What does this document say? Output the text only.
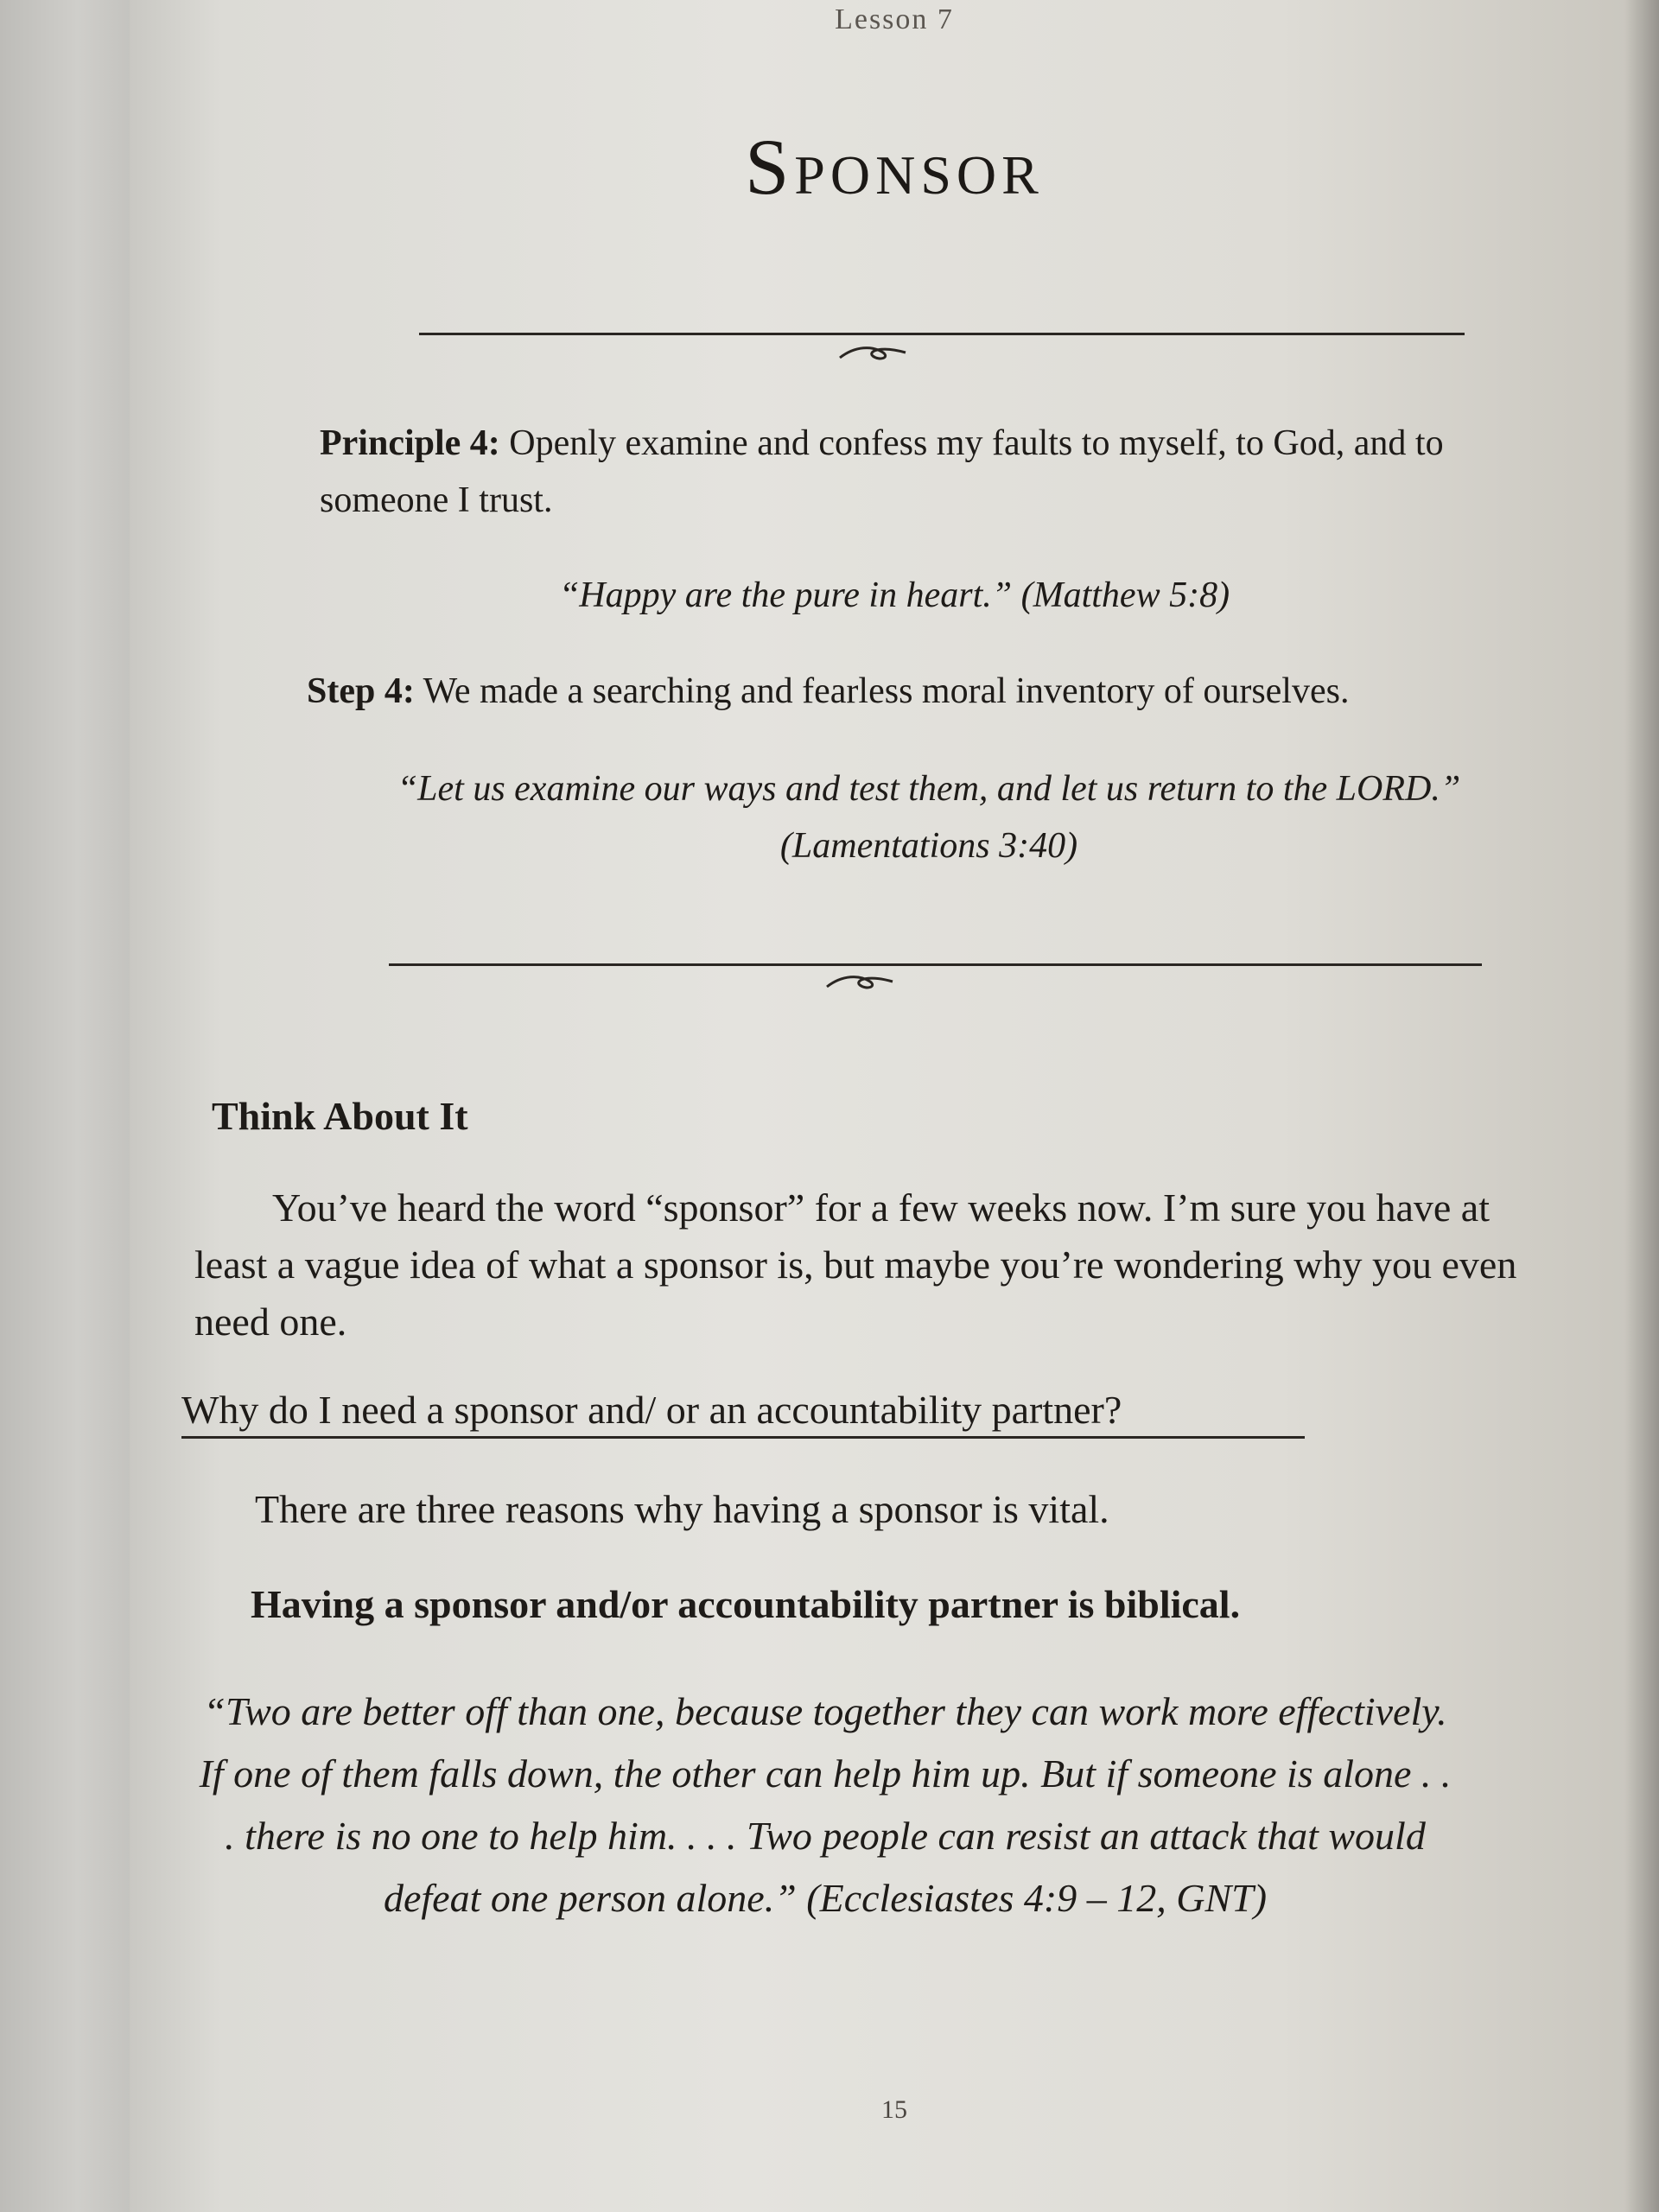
Lesson 7
Sponsor
Principle 4: Openly examine and confess my faults to myself, to God, and to someone I trust.
“Happy are the pure in heart.” (Matthew 5:8)
Step 4: We made a searching and fearless moral inventory of ourselves.
“Let us examine our ways and test them, and let us return to the LORD.” (Lamentations 3:40)
Think About It
You’ve heard the word “sponsor” for a few weeks now. I’m sure you have at least a vague idea of what a sponsor is, but maybe you’re wondering why you even need one.
Why do I need a sponsor and/ or an accountability partner?
There are three reasons why having a sponsor is vital.
Having a sponsor and/or accountability partner is biblical.
“Two are better off than one, because together they can work more effectively. If one of them falls down, the other can help him up. But if someone is alone . . . there is no one to help him. . . . Two people can resist an attack that would defeat one person alone.” (Ecclesiastes 4:9 – 12, GNT)
15
